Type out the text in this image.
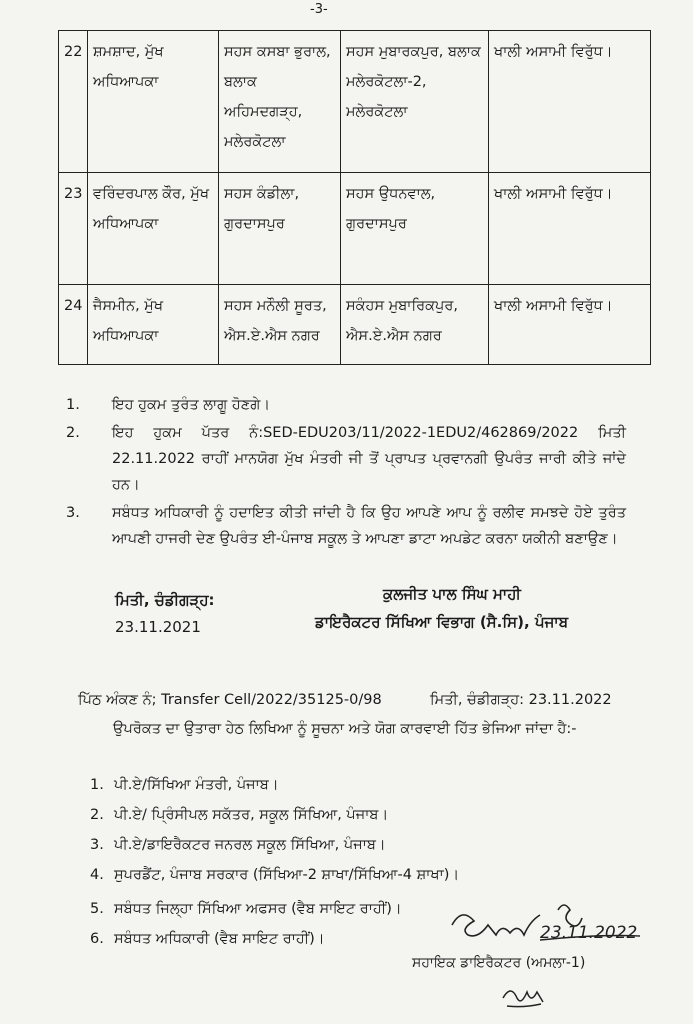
-3-
22	ਸ਼ਮਸ਼ਾਦ, ਮੁੱਖ ਅਧਿਆਪਕਾ	ਸਹਸ ਕਸਬਾ ਭੁਰਾਲ, ਬਲਾਕ ਅਹਿਮਦਗੜ੍ਹ, ਮਲੇਰਕੋਟਲਾ	ਸਹਸ ਮੁਬਾਰਕਪੁਰ, ਬਲਾਕ ਮਲੇਰਕੋਟਲਾ-2, ਮਲੇਰਕੋਟਲਾ	ਖਾਲੀ ਅਸਾਮੀ ਵਿਰੁੱਧ।
23	ਵਰਿੰਦਰਪਾਲ ਕੌਰ, ਮੁੱਖ ਅਧਿਆਪਕਾ	ਸਹਸ ਕੰਡੀਲਾ, ਗੁਰਦਾਸਪੁਰ	ਸਹਸ ਉਧਨਵਾਲ, ਗੁਰਦਾਸਪੁਰ	ਖਾਲੀ ਅਸਾਮੀ ਵਿਰੁੱਧ।
24	ਜੈਸਮੀਨ, ਮੁੱਖ ਅਧਿਆਪਕਾ	ਸਹਸ ਮਨੌਲੀ ਸੂਰਤ, ਐਸ.ਏ.ਐਸ ਨਗਰ	ਸਕੰਹਸ ਮੁਬਾਰਿਕਪੁਰ, ਐਸ.ਏ.ਐਸ ਨਗਰ	ਖਾਲੀ ਅਸਾਮੀ ਵਿਰੁੱਧ।
1.	ਇਹ ਹੁਕਮ ਤੁਰੰਤ ਲਾਗੂ ਹੋਣਗੇ।
2.	ਇਹ ਹੁਕਮ ਪੱਤਰ ਨੰ:SED-EDU203/11/2022-1EDU2/462869/2022 ਮਿਤੀ 22.11.2022 ਰਾਹੀਂ ਮਾਨਯੋਗ ਮੁੱਖ ਮੰਤਰੀ ਜੀ ਤੋਂ ਪ੍ਰਾਪਤ ਪ੍ਰਵਾਨਗੀ ਉਪਰੰਤ ਜਾਰੀ ਕੀਤੇ ਜਾਂਦੇ ਹਨ।
3.	ਸਬੰਧਤ ਅਧਿਕਾਰੀ ਨੂੰ ਹਦਾਇਤ ਕੀਤੀ ਜਾਂਦੀ ਹੈ ਕਿ ਉਹ ਆਪਣੇ ਆਪ ਨੂੰ ਰਲੀਵ ਸਮਝਦੇ ਹੋਏ ਤੁਰੰਤ ਆਪਣੀ ਹਾਜਰੀ ਦੇਣ ਉਪਰੰਤ ਈ-ਪੰਜਾਬ ਸਕੂਲ ਤੇ ਆਪਣਾ ਡਾਟਾ ਅਪਡੇਟ ਕਰਨਾ ਯਕੀਨੀ ਬਣਾਉਣ।
ਮਿਤੀ, ਚੰਡੀਗੜ੍ਹ:
23.11.2021
ਕੁਲਜੀਤ ਪਾਲ ਸਿੰਘ ਮਾਹੀ
ਡਾਇਰੈਕਟਰ ਸਿੱਖਿਆ ਵਿਭਾਗ (ਸੈ.ਸਿ), ਪੰਜਾਬ
ਪਿੱਠ ਅੰਕਣ ਨੰ; Transfer Cell/2022/35125-0/98	ਮਿਤੀ, ਚੰਡੀਗੜ੍ਹ: 23.11.2022
ਉਪਰੋਕਤ ਦਾ ਉਤਾਰਾ ਹੇਠ ਲਿਖਿਆ ਨੂੰ ਸੂਚਨਾ ਅਤੇ ਯੋਗ ਕਾਰਵਾਈ ਹਿੱਤ ਭੇਜਿਆ ਜਾਂਦਾ ਹੈ:-
1. ਪੀ.ਏ/ਸਿੱਖਿਆ ਮੰਤਰੀ, ਪੰਜਾਬ।
2. ਪੀ.ਏ/ ਪ੍ਰਿੰਸੀਪਲ ਸਕੱਤਰ, ਸਕੂਲ ਸਿੱਖਿਆ, ਪੰਜਾਬ।
3. ਪੀ.ਏ/ਡਾਇਰੈਕਟਰ ਜਨਰਲ ਸਕੂਲ ਸਿੱਖਿਆ, ਪੰਜਾਬ।
4. ਸੁਪਰਡੈਂਟ, ਪੰਜਾਬ ਸਰਕਾਰ (ਸਿੱਖਿਆ-2 ਸ਼ਾਖਾ/ਸਿੱਖਿਆ-4 ਸ਼ਾਖਾ)।
5. ਸਬੰਧਤ ਜਿਲ੍ਹਾ ਸਿੱਖਿਆ ਅਫਸਰ (ਵੈਬ ਸਾਇਟ ਰਾਹੀਂ)।
6. ਸਬੰਧਤ ਅਧਿਕਾਰੀ (ਵੈਬ ਸਾਇਟ ਰਾਹੀਂ)।	23.11.2022
ਸਹਾਇਕ ਡਾਇਰੈਕਟਰ (ਅਮਲਾ-1)
